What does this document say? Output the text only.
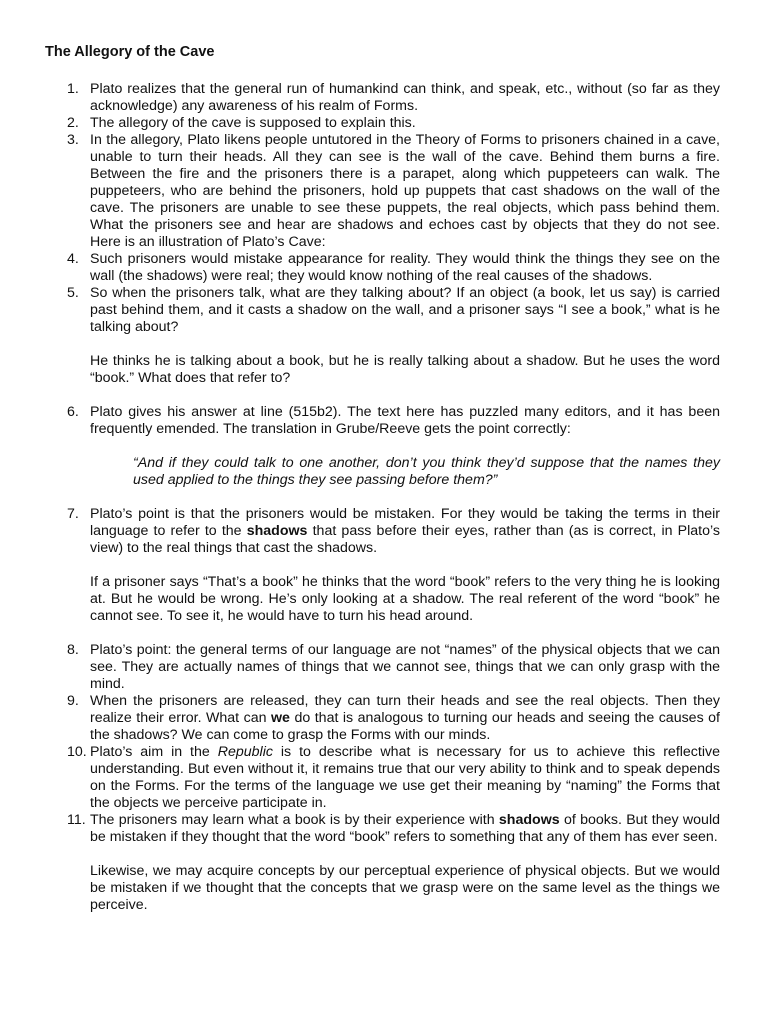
The Allegory of the Cave
1. Plato realizes that the general run of humankind can think, and speak, etc., without (so far as they acknowledge) any awareness of his realm of Forms.

2. The allegory of the cave is supposed to explain this.

3. In the allegory, Plato likens people untutored in the Theory of Forms to prisoners chained in a cave, unable to turn their heads. All they can see is the wall of the cave. Behind them burns a fire. Between the fire and the prisoners there is a parapet, along which puppeteers can walk. The puppeteers, who are behind the prisoners, hold up puppets that cast shadows on the wall of the cave. The prisoners are unable to see these puppets, the real objects, which pass behind them. What the prisoners see and hear are shadows and echoes cast by objects that they do not see. Here is an illustration of Plato’s Cave:

4. Such prisoners would mistake appearance for reality. They would think the things they see on the wall (the shadows) were real; they would know nothing of the real causes of the shadows.

5. So when the prisoners talk, what are they talking about? If an object (a book, let us say) is carried past behind them, and it casts a shadow on the wall, and a prisoner says “I see a book,” what is he talking about?

He thinks he is talking about a book, but he is really talking about a shadow. But he uses the word “book.” What does that refer to?

6. Plato gives his answer at line (515b2). The text here has puzzled many editors, and it has been frequently emended. The translation in Grube/Reeve gets the point correctly:

“And if they could talk to one another, don’t you think they’d suppose that the names they used applied to the things they see passing before them?”

7. Plato’s point is that the prisoners would be mistaken. For they would be taking the terms in their language to refer to the shadows that pass before their eyes, rather than (as is correct, in Plato’s view) to the real things that cast the shadows.

If a prisoner says “That’s a book” he thinks that the word “book” refers to the very thing he is looking at. But he would be wrong. He’s only looking at a shadow. The real referent of the word “book” he cannot see. To see it, he would have to turn his head around.

8. Plato’s point: the general terms of our language are not “names” of the physical objects that we can see. They are actually names of things that we cannot see, things that we can only grasp with the mind.

9. When the prisoners are released, they can turn their heads and see the real objects. Then they realize their error. What can we do that is analogous to turning our heads and seeing the causes of the shadows? We can come to grasp the Forms with our minds.

10. Plato’s aim in the Republic is to describe what is necessary for us to achieve this reflective understanding. But even without it, it remains true that our very ability to think and to speak depends on the Forms. For the terms of the language we use get their meaning by “naming” the Forms that the objects we perceive participate in.

11. The prisoners may learn what a book is by their experience with shadows of books. But they would be mistaken if they thought that the word “book” refers to something that any of them has ever seen.

Likewise, we may acquire concepts by our perceptual experience of physical objects. But we would be mistaken if we thought that the concepts that we grasp were on the same level as the things we perceive.
